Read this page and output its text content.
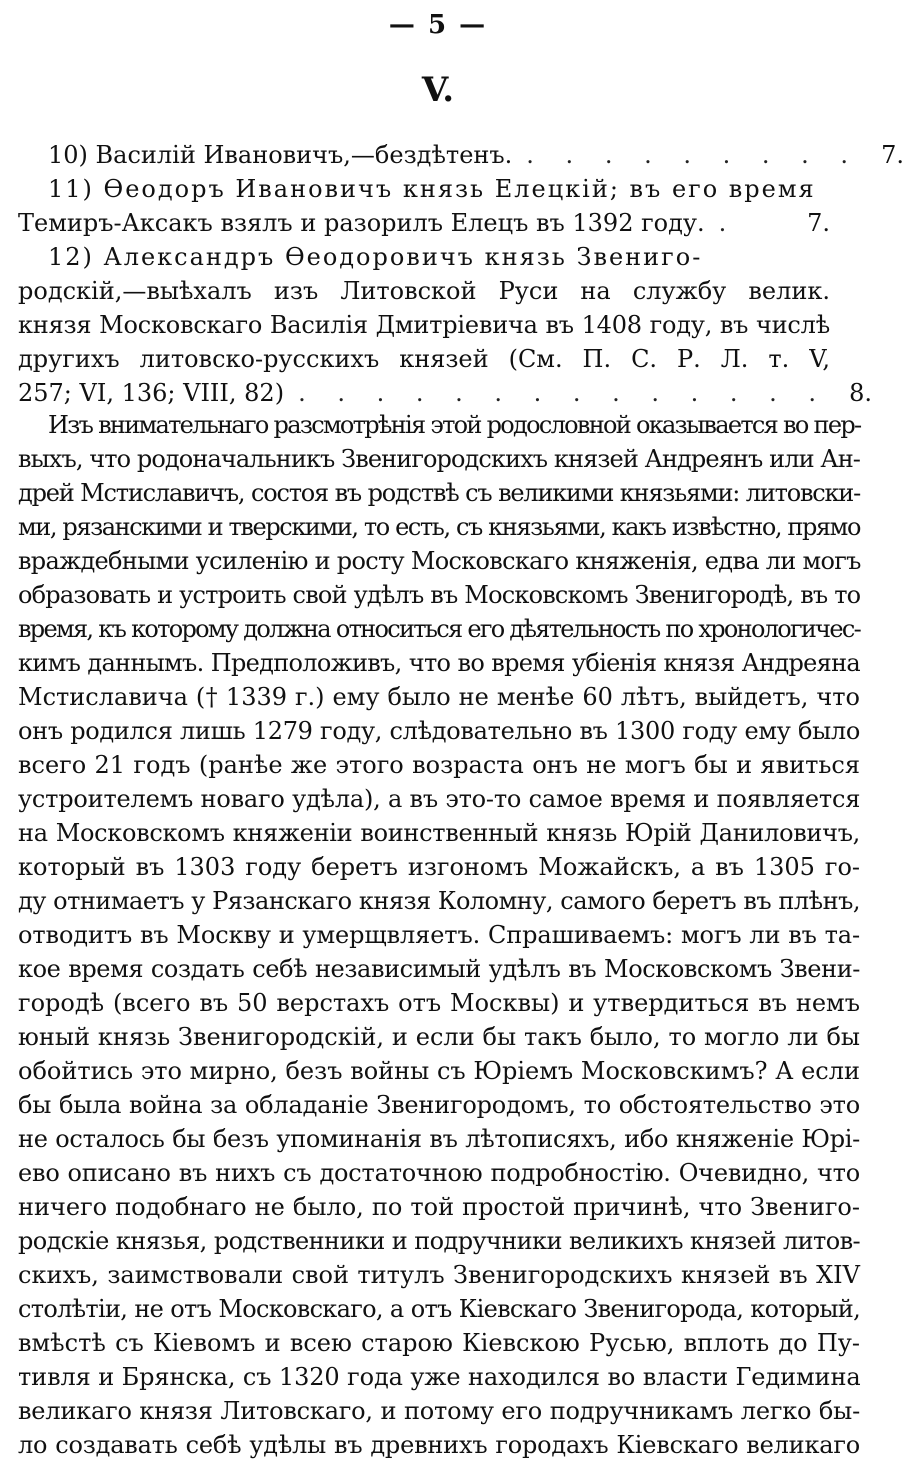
— 5 —
V.
10) Василій Ивановичъ,—бездѣтенъ. . . . . . . . . . 7.
11) Ѳеодоръ Ивановичъ князь Елецкій; въ его время
Темиръ-Аксакъ взялъ и разорилъ Елецъ въ 1392 году. .	7.
12) Александръ Ѳеодоровичъ князь Звениго-
родскій,—выѣхалъ изъ Литовской Руси на службу велик.
князя Московскаго Василія Дмитріевича въ 1408 году, въ числѣ
другихъ литовско-русскихъ князей (См. П. С. Р. Л. т. V,
257; VI, 136; VIII, 82) . . . . . . . . . . . . . . 8.
Изъ внимательнаго разсмотрѣнія этой родословной оказывается во пер-
выхъ, что родоначальникъ Звенигородскихъ князей Андреянъ или Ан-
дрей Мстиславичъ, состоя въ родствѣ съ великими князьями: литовски-
ми, рязанскими и тверскими, то есть, съ князьями, какъ извѣстно, прямо
враждебными усиленію и росту Московскаго княженія, едва ли могъ
образовать и устроить свой удѣлъ въ Московскомъ Звенигородѣ, въ то
время, къ которому должна относиться его дѣятельность по хронологичес-
кимъ даннымъ. Предположивъ, что во время убіенія князя Андреяна
Мстиславича († 1339 г.) ему было не менѣе 60 лѣтъ, выйдетъ, что
онъ родился лишь 1279 году, слѣдовательно въ 1300 году ему было
всего 21 годъ (ранѣе же этого возраста онъ не могъ бы и явиться
устроителемъ новаго удѣла), а въ это-то самое время и появляется
на Московскомъ княженіи воинственный князь Юрій Даниловичъ,
который въ 1303 году беретъ изгономъ Можайскъ, а въ 1305 го-
ду отнимаетъ у Рязанскаго князя Коломну, самого беретъ въ плѣнъ,
отводитъ въ Москву и умерщвляетъ. Спрашиваемъ: могъ ли въ та-
кое время создать себѣ независимый удѣлъ въ Московскомъ Звени-
городѣ (всего въ 50 верстахъ отъ Москвы) и утвердиться въ немъ
юный князь Звенигородскій, и если бы такъ было, то могло ли бы
обойтись это мирно, безъ войны съ Юріемъ Московскимъ? А если
бы была война за обладаніе Звенигородомъ, то обстоятельство это
не осталось бы безъ упоминанія въ лѣтописяхъ, ибо княженіе Юрі-
ево описано въ нихъ съ достаточною подробностію. Очевидно, что
ничего подобнаго не было, по той простой причинѣ, что Звениго-
родскіе князья, родственники и подручники великихъ князей литов-
скихъ, заимствовали свой титулъ Звенигородскихъ князей въ XIV
столѣтіи, не отъ Московскаго, а отъ Кіевскаго Звенигорода, который,
вмѣстѣ съ Кіевомъ и всею старою Кіевскою Русью, вплоть до Пу-
тивля и Брянска, съ 1320 года уже находился во власти Гедимина
великаго князя Литовскаго, и потому его подручникамъ легко бы-
ло создавать себѣ удѣлы въ древнихъ городахъ Кіевскаго великаго
